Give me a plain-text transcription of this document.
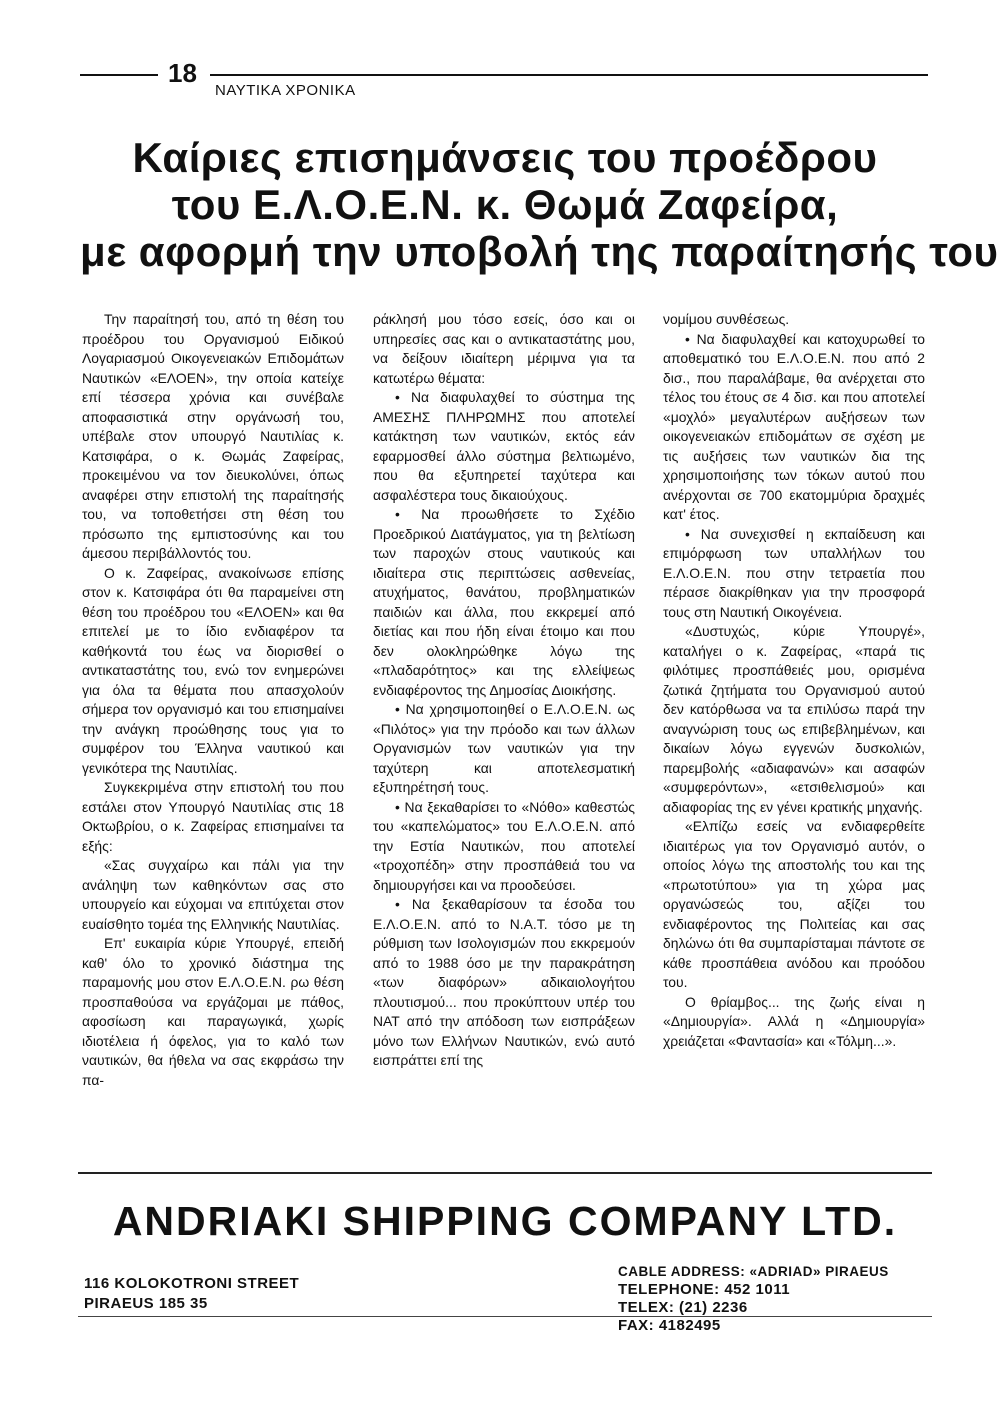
18
ΝΑΥΤΙΚΑ ΧΡΟΝΙΚΑ
Καίριες επισημάνσεις του προέδρου
του Ε.Λ.Ο.Ε.Ν. κ. Θωμά Ζαφείρα,
με αφορμή την υποβολή της παραίτησής του

Την παραίτησή του, από τη θέση του προέδρου του Οργανισμού Ειδικού Λογαριασμού Οικογενειακών Επιδομάτων Ναυτικών «ΕΛΟΕΝ», την οποία κατείχε επί τέσσερα χρόνια και συνέβαλε αποφασιστικά στην οργάνωσή του, υπέβαλε στον υπουργό Ναυτιλίας κ. Κατσιφάρα, ο κ. Θωμάς Ζαφείρας, προκειμένου να τον διευκολύνει, όπως αναφέρει στην επιστολή της παραίτησής του, να τοποθετήσει στη θέση του πρόσωπο της εμπιστοσύνης και του άμεσου περιβάλλοντός του.

Ο κ. Ζαφείρας, ανακοίνωσε επίσης στον κ. Κατσιφάρα ότι θα παραμείνει στη θέση του προέδρου του «ΕΛΟΕΝ» και θα επιτελεί με το ίδιο ενδιαφέρον τα καθήκοντά του έως να διορισθεί ο αντικαταστάτης του, ενώ τον ενημερώνει για όλα τα θέματα που απασχολούν σήμερα τον οργανισμό και του επισημαίνει την ανάγκη προώθησης τους για το συμφέρον του Έλληνα ναυτικού και γενικότερα της Ναυτιλίας.

Συγκεκριμένα στην επιστολή του που εστάλει στον Υπουργό Ναυτιλίας στις 18 Οκτωβρίου, ο κ. Ζαφείρας επισημαίνει τα εξής:

«Σας συγχαίρω και πάλι για την ανάληψη των καθηκόντων σας στο υπουργείο και εύχομαι να επιτύχεται στον ευαίσθητο τομέα της Ελληνικής Ναυτιλίας.

Επ' ευκαιρία κύριε Υπουργέ, επειδή καθ' όλο το χρονικό διάστημα της παραμονής μου στον Ε.Λ.Ο.Ε.Ν. ρω θέση προσπαθούσα να εργάζομαι με πάθος, αφοσίωση και παραγωγικά, χωρίς ιδιοτέλεια ή όφελος, για το καλό των ναυτικών, θα ήθελα να σας εκφράσω την πα-

ράκλησή μου τόσο εσείς, όσο και οι υπηρεσίες σας και ο αντικαταστάτης μου, να δείξουν ιδιαίτερη μέριμνα για τα κατωτέρω θέματα:

• Να διαφυλαχθεί το σύστημα της ΑΜΕΣΗΣ ΠΛΗΡΩΜΗΣ που αποτελεί κατάκτηση των ναυτικών, εκτός εάν εφαρμοσθεί άλλο σύστημα βελτιωμένο, που θα εξυπηρετεί ταχύτερα και ασφαλέστερα τους δικαιούχους.

• Να προωθήσετε το Σχέδιο Προεδρικού Διατάγματος, για τη βελτίωση των παροχών στους ναυτικούς και ιδιαίτερα στις περιπτώσεις ασθενείας, ατυχήματος, θανάτου, προβληματικών παιδιών και άλλα, που εκκρεμεί από διετίας και που ήδη είναι έτοιμο και που δεν ολοκληρώθηκε λόγω της «πλαδαρότητος» και της ελλείψεως ενδιαφέροντος της Δημοσίας Διοικήσης.

• Να χρησιμοποιηθεί ο Ε.Λ.Ο.Ε.Ν. ως «Πιλότος» για την πρόοδο και των άλλων Οργανισμών των ναυτικών για την ταχύτερη και αποτελεσματική εξυπηρέτησή τους.

• Να ξεκαθαρίσει το «Νόθο» καθεστώς του «καπελώματος» του Ε.Λ.Ο.Ε.Ν. από την Εστία Ναυτικών, που αποτελεί «τροχοπέδη» στην προσπάθειά του να δημιουργήσει και να προοδεύσει.

• Να ξεκαθαρίσουν τα έσοδα του Ε.Λ.Ο.Ε.Ν. από το Ν.Α.Τ. τόσο με τη ρύθμιση των Ισολογισμών που εκκρεμούν από το 1988 όσο με την παρακράτηση «των διαφόρων» αδικαιολογήτου πλουτισμού... που προκύπτουν υπέρ του ΝΑΤ από την απόδοση των εισπράξεων μόνο των Ελλήνων Ναυτικών, ενώ αυτό εισπράττει επί της

νομίμου συνθέσεως.

• Να διαφυλαχθεί και κατοχυρωθεί το αποθεματικό του Ε.Λ.Ο.Ε.Ν. που από 2 δισ., που παραλάβαμε, θα ανέρχεται στο τέλος του έτους σε 4 δισ. και που αποτελεί «μοχλό» μεγαλυτέρων αυξήσεων των οικογενειακών επιδομάτων σε σχέση με τις αυξήσεις των ναυτικών δια της χρησιμοποιήσης των τόκων αυτού που ανέρχονται σε 700 εκατομμύρια δραχμές κατ' έτος.

• Να συνεχισθεί η εκπαίδευση και επιμόρφωση των υπαλλήλων του Ε.Λ.Ο.Ε.Ν. που στην τετραετία που πέρασε διακρίθηκαν για την προσφορά τους στη Ναυτική Οικογένεια.

«Δυστυχώς, κύριε Υπουργέ», καταλήγει ο κ. Ζαφείρας, «παρά τις φιλότιμες προσπάθειές μου, ορισμένα ζωτικά ζητήματα του Οργανισμού αυτού δεν κατόρθωσα να τα επιλύσω παρά την αναγνώριση τους ως επιβεβλημένων, και δικαίων λόγω εγγενών δυσκολιών, παρεμβολής «αδιαφανών» και ασαφών «συμφερόντων», «ετσιθελισμού» και αδιαφορίας της εν γένει κρατικής μηχανής.

«Ελπίζω εσείς να ενδιαφερθείτε ιδιαιτέρως για τον Οργανισμό αυτόν, ο οποίος λόγω της αποστολής του και της «πρωτοτύπου» για τη χώρα μας οργανώσεώς του, αξίζει του ενδιαφέροντος της Πολιτείας και σας δηλώνω ότι θα συμπαρίσταμαι πάντοτε σε κάθε προσπάθεια ανόδου και προόδου του.

Ο θρίαμβος... της ζωής είναι η «Δημιουργία». Αλλά η «Δημιουργία» χρειάζεται «Φαντασία» και «Τόλμη...».

ANDRIAKI SHIPPING COMPANY LTD.
116 KOLOKOTRONI STREET
PIRAEUS 185 35
CABLE ADDRESS: «ADRIAD» PIRAEUS
TELEPHONE: 452 1011
TELEX: (21) 2236
FAX: 4182495
